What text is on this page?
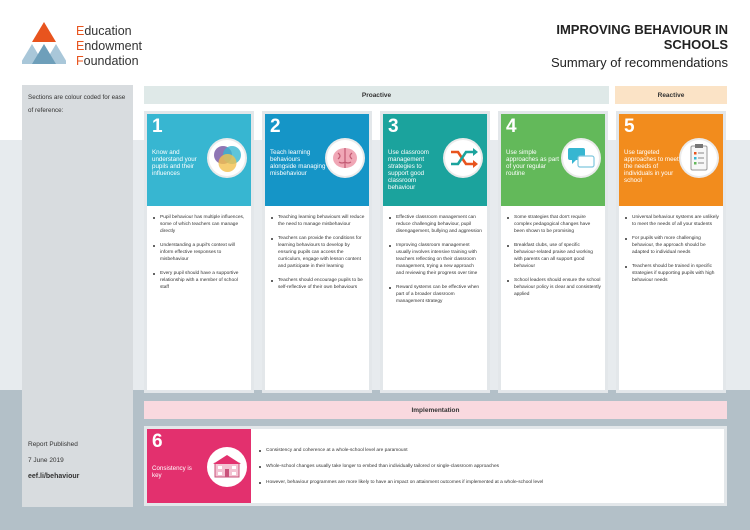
Education
Endowment
Foundation
IMPROVING BEHAVIOUR IN SCHOOLS
Summary of recommendations
Sections are colour coded for ease of reference:
Report Published
7 June 2019
eef.li/behaviour
Proactive	Reactive
Implementation
1
Know and understand your pupils and their influences
Pupil behaviour has multiple influences, some of which teachers can manage directly
Understanding a pupil's context will inform effective responses to misbehaviour
Every pupil should have a supportive relationship with a member of school staff
2
Teach learning behaviours alongside managing misbehaviour
Teaching learning behaviours will reduce the need to manage misbehaviour
Teachers can provide the conditions for learning behaviours to develop by ensuring pupils can access the curriculum, engage with lesson content and participate in their learning
Teachers should encourage pupils to be self-reflective of their own behaviours
3
Use classroom management strategies to support good classroom behaviour
Effective classroom management can reduce challenging behaviour, pupil disengagement, bullying and aggression
Improving classroom management usually involves intensive training with teachers reflecting on their classroom management, trying a new approach and reviewing their progress over time
Reward systems can be effective when part of a broader classroom management strategy
4
Use simple approaches as part of your regular routine
Some strategies that don't require complex pedagogical changes have been shown to be promising
Breakfast clubs, use of specific behaviour-related praise and working with parents can all support good behaviour
School leaders should ensure the school behaviour policy is clear and consistently applied
5
Use targeted approaches to meet the needs of individuals in your school
Universal behaviour systems are unlikely to meet the needs of all your students
For pupils with more challenging behaviour, the approach should be adapted to individual needs
Teachers should be trained in specific strategies if supporting pupils with high behaviour needs
6
Consistency is key
Consistency and coherence at a whole-school level are paramount
Whole-school changes usually take longer to embed than individually tailored or single-classroom approaches
However, behaviour programmes are more likely to have an impact on attainment outcomes if implemented at a whole-school level
